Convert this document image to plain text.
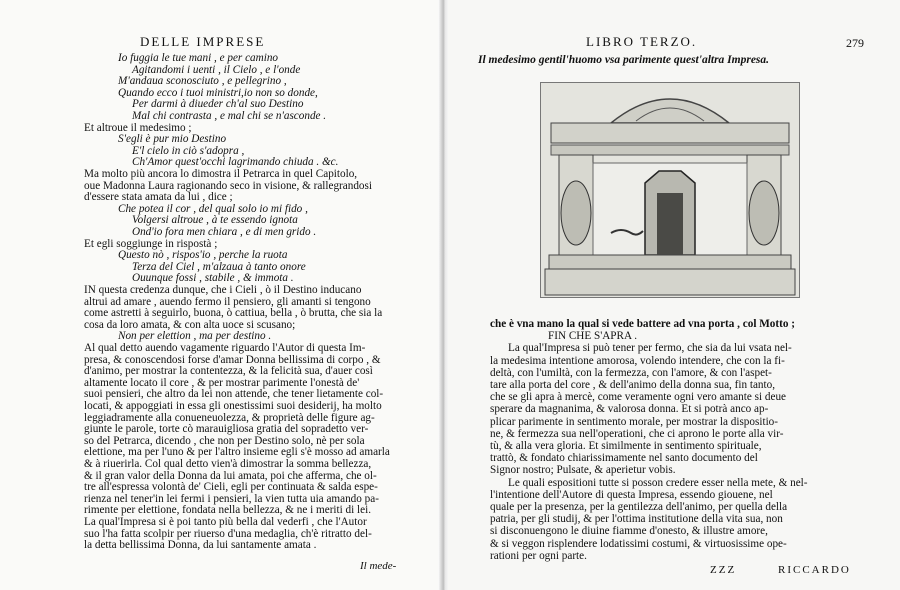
DELLE IMPRESE
Io fuggia le tue mani , e per camino
Agitandomi i uenti , il Cielo , e l'onde
M'andaua sconosciuto , e pellegrino ,
Quando ecco i tuoi ministri,io non so donde,
Per darmi à diueder ch'al suo Destino
Mal chi contrasta , e mal chi se n'asconde .
Et altroue il medesimo ;
S'egli è pur mio Destino
E'l cielo in ciò s'adopra ,
Ch'Amor quest'occhi lagrimando chiuda . &c.
Ma molto più ancora lo dimostra il Petrarca in quel Capitolo,
oue Madonna Laura ragionando seco in visione, & rallegrandosi
d'essere stata amata da lui , dice ;
Che potea il cor , del qual solo io mi fido ,
Volgersi altroue , à te essendo ignota
Ond'io fora men chiara , e di men grido .
Et egli soggiunge in rispostà ;
Questo nò , rispos'io , perche la ruota
Terza del Ciel , m'alzaua à tanto onore
Ouunque fossi , stabile , & immota .
IN questa credenza dunque, che i Cieli , ò il Destino inducano
altrui ad amare , auendo fermo il pensiero, gli amanti si tengono
come astretti à seguirlo, buona, ò cattiua, bella , ò brutta, che sia la
cosa da loro amata, & con alta uoce si scusano;
Non per elettion , ma per destino .
Al qual detto auendo vagamente riguardo l'Autor di questa Im-
presa, & conoscendosi forse d'amar Donna bellissima di corpo , &
d'animo, per mostrar la contentezza, & la felicità sua, d'auer così
altamente locato il core , & per mostrar parimente l'onestà de'
suoi pensieri, che altro da lei non attende, che tener lietamente col-
locati, & appoggiati in essa gli onestissimi suoi desiderij, ha molto
leggiadramente alla conueneuolezza, & proprietà delle figure ag-
giunte le parole, torte cò marauigliosa gratia del sopradetto ver-
so del Petrarca, dicendo , che non per Destino solo, nè per sola
elettione, ma per l'uno & per l'altro insieme egli s'è mosso ad amarla
& à riuerirla. Col qual detto vien'à dimostrar la somma bellezza,
& il gran valor della Donna da lui amata, poi che afferma, che ol-
tre all'espressa volontà de' Cieli, egli per continuata & salda espe-
rienza nel tener'in lei fermi i pensieri, la vien tutta uia amando pa-
rimente per elettione, fondata nella bellezza, & ne i meriti di lei.
La qual'Impresa si è poi tanto più bella dal vederfi , che l'Autor
suo l'ha fatta scolpir per riuerso d'una medaglia, ch'è ritratto del-
la detta bellissima Donna, da lui santamente amata .
Il mede-
LIBRO TERZO.	279
Il medesimo gentil'huomo vsa parimente quest'altra Impresa.
che è vna mano la qual si vede battere ad vna porta , col Motto ;
FIN CHE S'APRA .
La qual'Impresa si può tener per fermo, che sia da lui vsata nel-
la medesima intentione amorosa, volendo intendere, che con la fi-
deltà, con l'umiltà, con la fermezza, con l'amore, & con l'aspet-
tare alla porta del core , & dell'animo della donna sua, fin tanto,
che se gli apra à mercè, come veramente ogni vero amante si deue
sperare da magnanima, & valorosa donna. Et si potrà anco ap-
plicar parimente in sentimento morale, per mostrar la dispositio-
ne, & fermezza sua nell'operationi, che ci aprono le porte alla vir-
tù, & alla vera gloria. Et similmente in sentimento spirituale,
trattò, & fondato chiarissimamente nel santo documento del
Signor nostro; Pulsate, & aperietur vobis.
Le quali espositioni tutte si posson credere esser nella mete, & nel-
l'intentione dell'Autore di questa Impresa, essendo giouene, nel
quale per la presenza, per la gentilezza dell'animo, per quella della
patria, per gli studij, & per l'ottima institutione della vita sua, non
si disconuengono le diuine fiamme d'onesto, & illustre amore,
& si veggon risplendere lodatissimi costumi, & virtuosissime ope-
rationi per ogni parte.
ZZZ	RICCARDO
